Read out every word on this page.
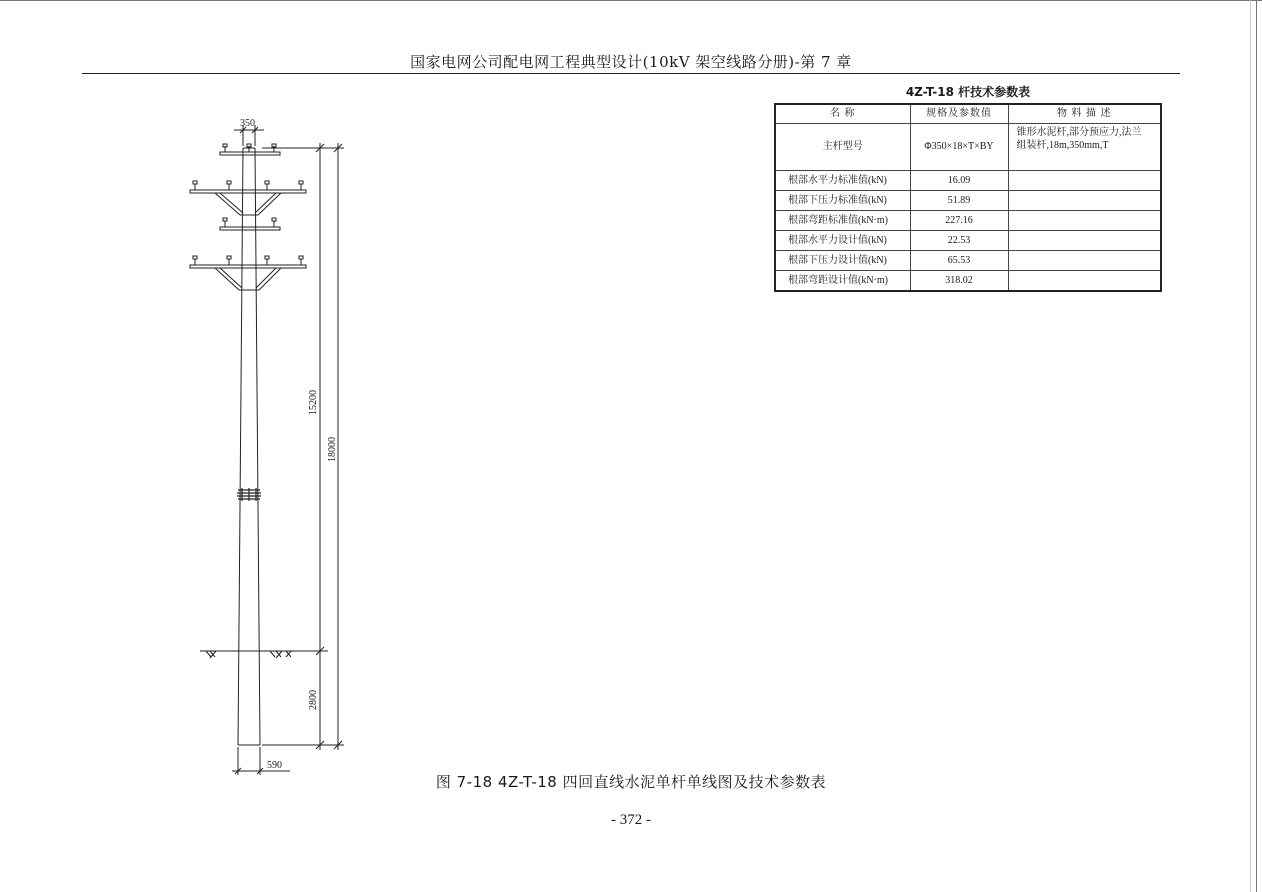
国家电网公司配电网工程典型设计(10kV 架空线路分册)-第 7 章
4Z-T-18 杆技术参数表
名 称	规格及参数值	物 料 描 述
主杆型号	Φ350×18×T×BY	锥形水泥杆,部分预应力,法兰
组装杆,18m,350mm,T

根部水平力标准值(kN)	16.09	
根部下压力标准值(kN)	51.89	
根部弯距标准值(kN·m)	227.16	
根部水平力设计值(kN)	22.53	
根部下压力设计值(kN)	65.53	
根部弯距设计值(kN·m)	318.02	
350
15200
18000
2800
590
图 7-18 4Z-T-18 四回直线水泥单杆单线图及技术参数表
- 372 -
